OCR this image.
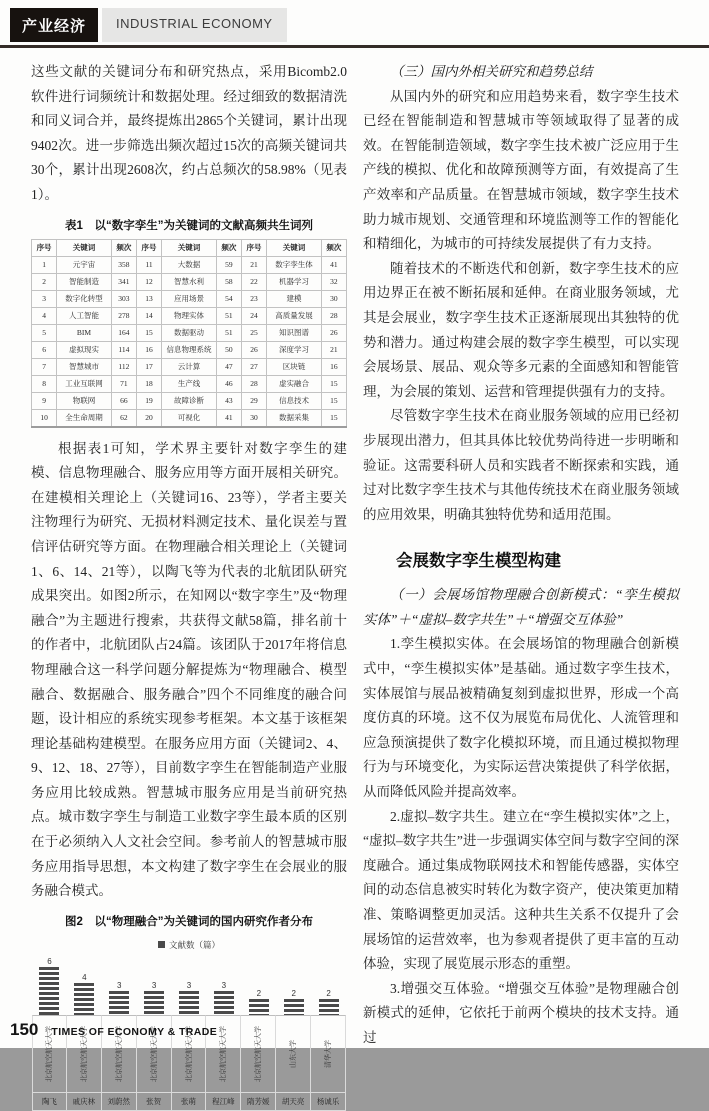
产业经济	INDUSTRIAL ECONOMY

这些文献的关键词分布和研究热点，采用Bicomb2.0软件进行词频统计和数据处理。经过细致的数据清洗和同义词合并，最终提炼出2865个关键词，累计出现9402次。进一步筛选出频次超过15次的高频关键词共30个，累计出现2608次，约占总频次的58.98%（见表1）。

表1　以“数字孪生”为关键词的文献高频共生词列
序号	关键词	频次	序号	关键词	频次	序号	关键词	频次
1	元宇宙	358	11	大数据	59	21	数字孪生体	41
2	智能制造	341	12	智慧水利	58	22	机器学习	32
3	数字化转型	303	13	应用场景	54	23	建模	30
4	人工智能	278	14	物理实体	51	24	高质量发展	28
5	BIM	164	15	数据驱动	51	25	知识图谱	26
6	虚拟现实	114	16	信息物理系统	50	26	深度学习	21
7	智慧城市	112	17	云计算	47	27	区块链	16
8	工业互联网	71	18	生产线	46	28	虚实融合	15
9	物联网	66	19	故障诊断	43	29	信息技术	15
10	全生命周期	62	20	可视化	41	30	数据采集	15

根据表1可知，学术界主要针对数字孪生的建模、信息物理融合、服务应用等方面开展相关研究。在建模相关理论上（关键词16、23等），学者主要关注物理行为研究、无损材料测定技术、量化误差与置信评估研究等方面。在物理融合相关理论上（关键词1、6、14、21等），以陶飞等为代表的北航团队研究成果突出。如图2所示，在知网以“数字孪生”及“物理融合”为主题进行搜索，共获得文献58篇，排名前十的作者中，北航团队占24篇。该团队于2017年将信息物理融合这一科学问题分解提炼为“物理融合、模型融合、数据融合、服务融合”四个不同维度的融合问题，设计相应的系统实现参考框架。本文基于该框架理论基础构建模型。在服务应用方面（关键词2、4、9、12、18、27等），目前数字孪生在智能制造产业服务应用比较成熟。智慧城市服务应用是当前研究热点。城市数字孪生与制造工业数字孪生最本质的区别在于必须纳入人文社会空间。参考前人的智慧城市服务应用指导思想，本文构建了数字孪生在会展业的服务融合模式。

图2　以“物理融合”为关键词的国内研究作者分布
文献数（篇）
6
北京航空航天大学
陶飞
4
北京航空航天大学
戚庆林
3
北京航空航天大学
刘蔚然
3
北京航空航天大学
张贺
3
北京航空航天大学
张萌
3
北京航空航天大学
程江峰
2
北京航空航天大学
隋芳媛
2
山东大学
胡天亮
2
清华大学
杨诚乐

（三）国内外相关研究和趋势总结

从国内外的研究和应用趋势来看，数字孪生技术已经在智能制造和智慧城市等领域取得了显著的成效。在智能制造领域，数字孪生技术被广泛应用于生产线的模拟、优化和故障预测等方面，有效提高了生产效率和产品质量。在智慧城市领域，数字孪生技术助力城市规划、交通管理和环境监测等工作的智能化和精细化，为城市的可持续发展提供了有力支持。

随着技术的不断迭代和创新，数字孪生技术的应用边界正在被不断拓展和延伸。在商业服务领域，尤其是会展业，数字孪生技术正逐渐展现出其独特的优势和潜力。通过构建会展的数字孪生模型，可以实现会展场景、展品、观众等多元素的全面感知和智能管理，为会展的策划、运营和管理提供强有力的支持。

尽管数字孪生技术在商业服务领域的应用已经初步展现出潜力，但其具体比较优势尚待进一步明晰和验证。这需要科研人员和实践者不断探索和实践，通过对比数字孪生技术与其他传统技术在商业服务领域的应用效果，明确其独特优势和适用范围。

会展数字孪生模型构建

（一）会展场馆物理融合创新模式：“孪生模拟实体”＋“虚拟–数字共生”＋“增强交互体验”

1.孪生模拟实体。在会展场馆的物理融合创新模式中，“孪生模拟实体”是基础。通过数字孪生技术，实体展馆与展品被精确复刻到虚拟世界，形成一个高度仿真的环境。这不仅为展览布局优化、人流管理和应急预演提供了数字化模拟环境，而且通过模拟物理行为与环境变化，为实际运营决策提供了科学依据，从而降低风险并提高效率。

2.虚拟–数字共生。建立在“孪生模拟实体”之上，“虚拟–数字共生”进一步强调实体空间与数字空间的深度融合。通过集成物联网技术和智能传感器，实体空间的动态信息被实时转化为数字资产，使决策更加精准、策略调整更加灵活。这种共生关系不仅提升了会展场馆的运营效率，也为参观者提供了更丰富的互动体验，实现了展览展示形态的重塑。

3.增强交互体验。“增强交互体验”是物理融合创新模式的延伸，它依托于前两个模块的技术支持。通过

150 TIMES OF ECONOMY & TRADE
